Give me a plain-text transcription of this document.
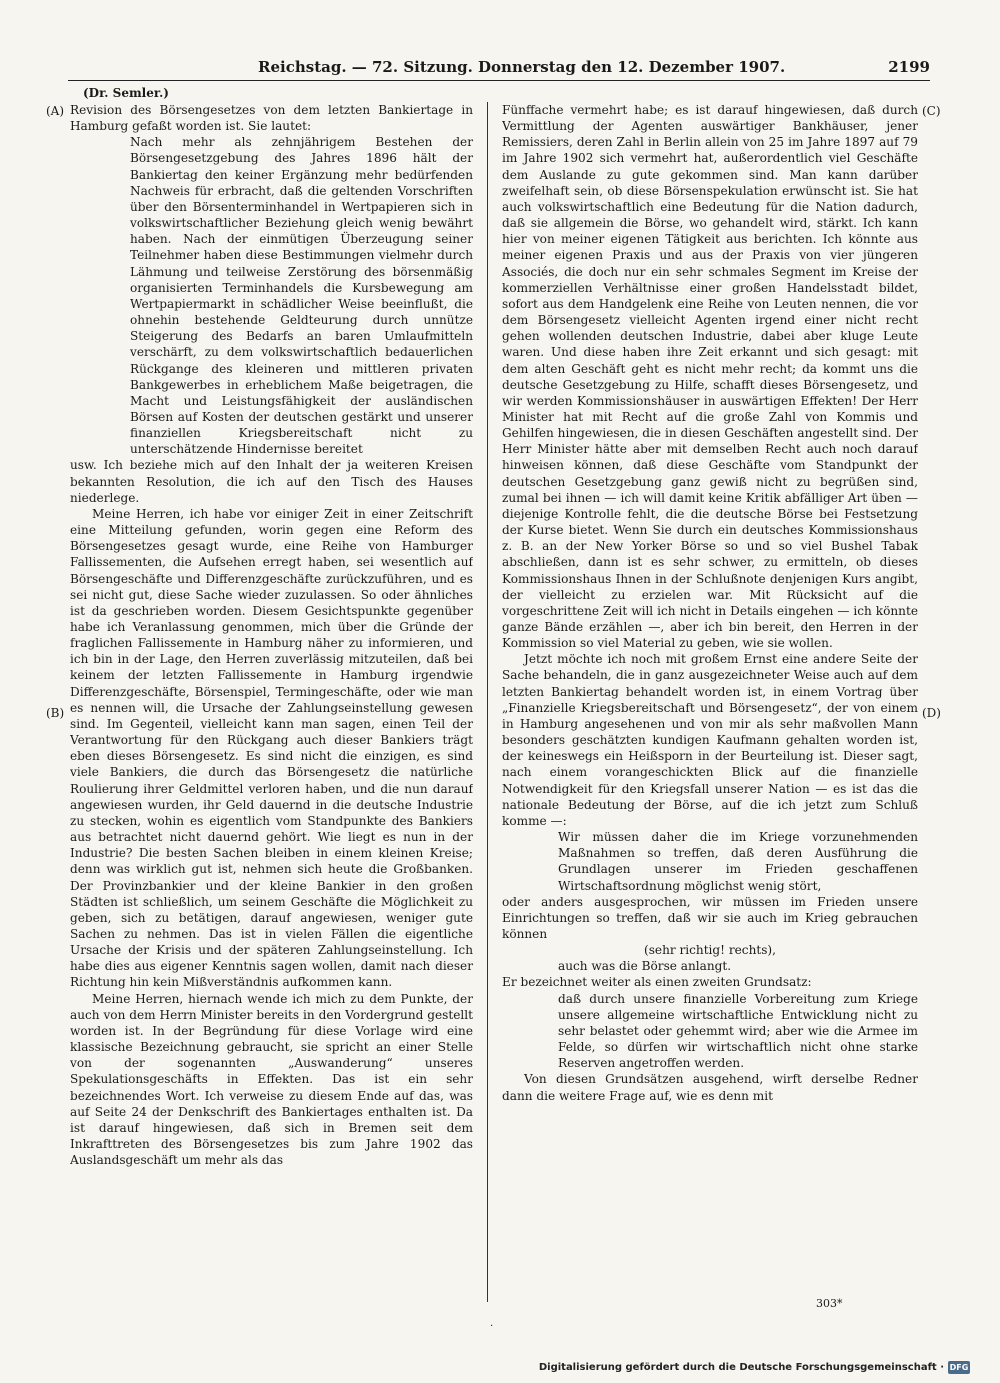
Reichstag. — 72. Sitzung. Donnerstag den 12. Dezember 1907.	2199
(Dr. Semler.)
(A)
(B)
(C)
(D)

Revision des Börsengesetzes von dem letzten Bankiertage in Hamburg gefaßt worden ist. Sie lautet:

Nach mehr als zehnjährigem Bestehen der Börsengesetzgebung des Jahres 1896 hält der Bankiertag den keiner Ergänzung mehr bedürfenden Nachweis für erbracht, daß die geltenden Vorschriften über den Börsenterminhandel in Wertpapieren sich in volkswirtschaftlicher Beziehung gleich wenig bewährt haben. Nach der einmütigen Überzeugung seiner Teilnehmer haben diese Bestimmungen vielmehr durch Lähmung und teilweise Zerstörung des börsenmäßig organisierten Terminhandels die Kursbewegung am Wertpapiermarkt in schädlicher Weise beeinflußt, die ohnehin bestehende Geldteurung durch unnütze Steigerung des Bedarfs an baren Umlaufmitteln verschärft, zu dem volkswirtschaftlich bedauerlichen Rückgange des kleineren und mittleren privaten Bankgewerbes in erheblichem Maße beigetragen, die Macht und Leistungsfähigkeit der ausländischen Börsen auf Kosten der deutschen gestärkt und unserer finanziellen Kriegsbereitschaft nicht zu unterschätzende Hindernisse bereitet

usw. Ich beziehe mich auf den Inhalt der ja weiteren Kreisen bekannten Resolution, die ich auf den Tisch des Hauses niederlege.

Meine Herren, ich habe vor einiger Zeit in einer Zeitschrift eine Mitteilung gefunden, worin gegen eine Reform des Börsengesetzes gesagt wurde, eine Reihe von Hamburger Fallissementen, die Aufsehen erregt haben, sei wesentlich auf Börsengeschäfte und Differenzgeschäfte zurückzuführen, und es sei nicht gut, diese Sache wieder zuzulassen. So oder ähnliches ist da geschrieben worden. Diesem Gesichtspunkte gegenüber habe ich Veranlassung genommen, mich über die Gründe der fraglichen Fallissemente in Hamburg näher zu informieren, und ich bin in der Lage, den Herren zuverlässig mitzuteilen, daß bei keinem der letzten Fallissemente in Hamburg irgendwie Differenzgeschäfte, Börsenspiel, Termingeschäfte, oder wie man es nennen will, die Ursache der Zahlungseinstellung gewesen sind. Im Gegenteil, vielleicht kann man sagen, einen Teil der Verantwortung für den Rückgang auch dieser Bankiers trägt eben dieses Börsengesetz. Es sind nicht die einzigen, es sind viele Bankiers, die durch das Börsengesetz die natürliche Roulierung ihrer Geldmittel verloren haben, und die nun darauf angewiesen wurden, ihr Geld dauernd in die deutsche Industrie zu stecken, wohin es eigentlich vom Standpunkte des Bankiers aus betrachtet nicht dauernd gehört. Wie liegt es nun in der Industrie? Die besten Sachen bleiben in einem kleinen Kreise; denn was wirklich gut ist, nehmen sich heute die Großbanken. Der Provinzbankier und der kleine Bankier in den großen Städten ist schließlich, um seinem Geschäfte die Möglichkeit zu geben, sich zu betätigen, darauf angewiesen, weniger gute Sachen zu nehmen. Das ist in vielen Fällen die eigentliche Ursache der Krisis und der späteren Zahlungseinstellung. Ich habe dies aus eigener Kenntnis sagen wollen, damit nach dieser Richtung hin kein Mißverständnis aufkommen kann.

Meine Herren, hiernach wende ich mich zu dem Punkte, der auch von dem Herrn Minister bereits in den Vordergrund gestellt worden ist. In der Begründung für diese Vorlage wird eine klassische Bezeichnung gebraucht, sie spricht an einer Stelle von der sogenannten „Auswanderung“ unseres Spekulationsgeschäfts in Effekten. Das ist ein sehr bezeichnendes Wort. Ich verweise zu diesem Ende auf das, was auf Seite 24 der Denkschrift des Bankiertages enthalten ist. Da ist darauf hingewiesen, daß sich in Bremen seit dem Inkrafttreten des Börsengesetzes bis zum Jahre 1902 das Auslandsgeschäft um mehr als das

Fünffache vermehrt habe; es ist darauf hingewiesen, daß durch Vermittlung der Agenten auswärtiger Bankhäuser, jener Remissiers, deren Zahl in Berlin allein von 25 im Jahre 1897 auf 79 im Jahre 1902 sich vermehrt hat, außerordentlich viel Geschäfte dem Auslande zu gute gekommen sind. Man kann darüber zweifelhaft sein, ob diese Börsenspekulation erwünscht ist. Sie hat auch volkswirtschaftlich eine Bedeutung für die Nation dadurch, daß sie allgemein die Börse, wo gehandelt wird, stärkt. Ich kann hier von meiner eigenen Tätigkeit aus berichten. Ich könnte aus meiner eigenen Praxis und aus der Praxis von vier jüngeren Associés, die doch nur ein sehr schmales Segment im Kreise der kommerziellen Verhältnisse einer großen Handelsstadt bildet, sofort aus dem Handgelenk eine Reihe von Leuten nennen, die vor dem Börsengesetz vielleicht Agenten irgend einer nicht recht gehen wollenden deutschen Industrie, dabei aber kluge Leute waren. Und diese haben ihre Zeit erkannt und sich gesagt: mit dem alten Geschäft geht es nicht mehr recht; da kommt uns die deutsche Gesetzgebung zu Hilfe, schafft dieses Börsengesetz, und wir werden Kommissionshäuser in auswärtigen Effekten! Der Herr Minister hat mit Recht auf die große Zahl von Kommis und Gehilfen hingewiesen, die in diesen Geschäften angestellt sind. Der Herr Minister hätte aber mit demselben Recht auch noch darauf hinweisen können, daß diese Geschäfte vom Standpunkt der deutschen Gesetzgebung ganz gewiß nicht zu begrüßen sind, zumal bei ihnen — ich will damit keine Kritik abfälliger Art üben — diejenige Kontrolle fehlt, die die deutsche Börse bei Festsetzung der Kurse bietet. Wenn Sie durch ein deutsches Kommissionshaus z. B. an der New Yorker Börse so und so viel Bushel Tabak abschließen, dann ist es sehr schwer, zu ermitteln, ob dieses Kommissionshaus Ihnen in der Schlußnote denjenigen Kurs angibt, der vielleicht zu erzielen war. Mit Rücksicht auf die vorgeschrittene Zeit will ich nicht in Details eingehen — ich könnte ganze Bände erzählen —, aber ich bin bereit, den Herren in der Kommission so viel Material zu geben, wie sie wollen.

Jetzt möchte ich noch mit großem Ernst eine andere Seite der Sache behandeln, die in ganz ausgezeichneter Weise auch auf dem letzten Bankiertag behandelt worden ist, in einem Vortrag über „Finanzielle Kriegsbereitschaft und Börsengesetz“, der von einem in Hamburg angesehenen und von mir als sehr maßvollen Mann besonders geschätzten kundigen Kaufmann gehalten worden ist, der keineswegs ein Heißsporn in der Beurteilung ist. Dieser sagt, nach einem vorangeschickten Blick auf die finanzielle Notwendigkeit für den Kriegsfall unserer Nation — es ist das die nationale Bedeutung der Börse, auf die ich jetzt zum Schluß komme —:

Wir müssen daher die im Kriege vorzunehmenden Maßnahmen so treffen, daß deren Ausführung die Grundlagen unserer im Frieden geschaffenen Wirtschaftsordnung möglichst wenig stört,

oder anders ausgesprochen, wir müssen im Frieden unsere Einrichtungen so treffen, daß wir sie auch im Krieg gebrauchen können

(sehr richtig! rechts),

auch was die Börse anlangt.

Er bezeichnet weiter als einen zweiten Grundsatz:

daß durch unsere finanzielle Vorbereitung zum Kriege unsere allgemeine wirtschaftliche Entwicklung nicht zu sehr belastet oder gehemmt wird; aber wie die Armee im Felde, so dürfen wir wirtschaftlich nicht ohne starke Reserven angetroffen werden.

Von diesen Grundsätzen ausgehend, wirft derselbe Redner dann die weitere Frage auf, wie es denn mit

303*
.
Digitalisierung gefördert durch die Deutsche Forschungsgemeinschaft · DFG
